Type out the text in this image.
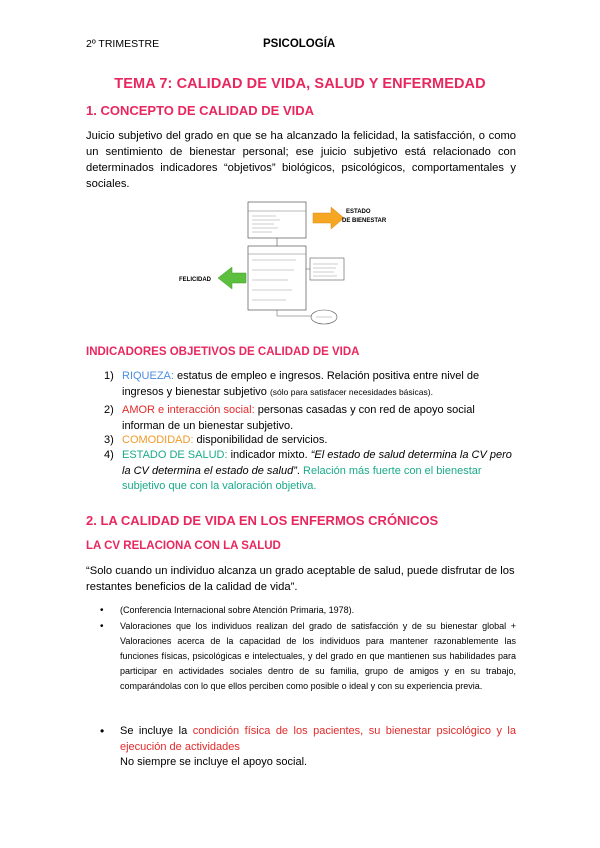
2º TRIMESTRE	PSICOLOGÍA
TEMA 7: CALIDAD DE VIDA, SALUD Y ENFERMEDAD
1. CONCEPTO DE CALIDAD DE VIDA
Juicio subjetivo del grado en que se ha alcanzado la felicidad, la satisfacción, o como un sentimiento de bienestar personal; ese juicio subjetivo está relacionado con determinados indicadores “objetivos” biológicos, psicológicos, comportamentales y sociales.
ESTADO
DE BIENESTAR
FELICIDAD
INDICADORES OBJETIVOS DE CALIDAD DE VIDA
1) RIQUEZA: estatus de empleo e ingresos. Relación positiva entre nivel de ingresos y bienestar subjetivo (sólo para satisfacer necesidades básicas).
2) AMOR e interacción social: personas casadas y con red de apoyo social informan de un bienestar subjetivo.
3) COMODIDAD: disponibilidad de servicios.
4) ESTADO DE SALUD: indicador mixto. “El estado de salud determina la CV pero la CV determina el estado de salud”. Relación más fuerte con el bienestar subjetivo que con la valoración objetiva.
2. LA CALIDAD DE VIDA EN LOS ENFERMOS CRÓNICOS
LA CV RELACIONA CON LA SALUD
“Solo cuando un individuo alcanza un grado aceptable de salud, puede disfrutar de los restantes beneficios de la calidad de vida”.
• (Conferencia Internacional sobre Atención Primaria, 1978).
• Valoraciones que los individuos realizan del grado de satisfacción y de su bienestar global + Valoraciones acerca de la capacidad de los individuos para mantener razonablemente las funciones físicas, psicológicas e intelectuales, y del grado en que mantienen sus habilidades para participar en actividades sociales dentro de su familia, grupo de amigos y en su trabajo, comparándolas con lo que ellos perciben como posible o ideal y con su experiencia previa.
• Se incluye la condición física de los pacientes, su bienestar psicológico y la ejecución de actividades
No siempre se incluye el apoyo social.
